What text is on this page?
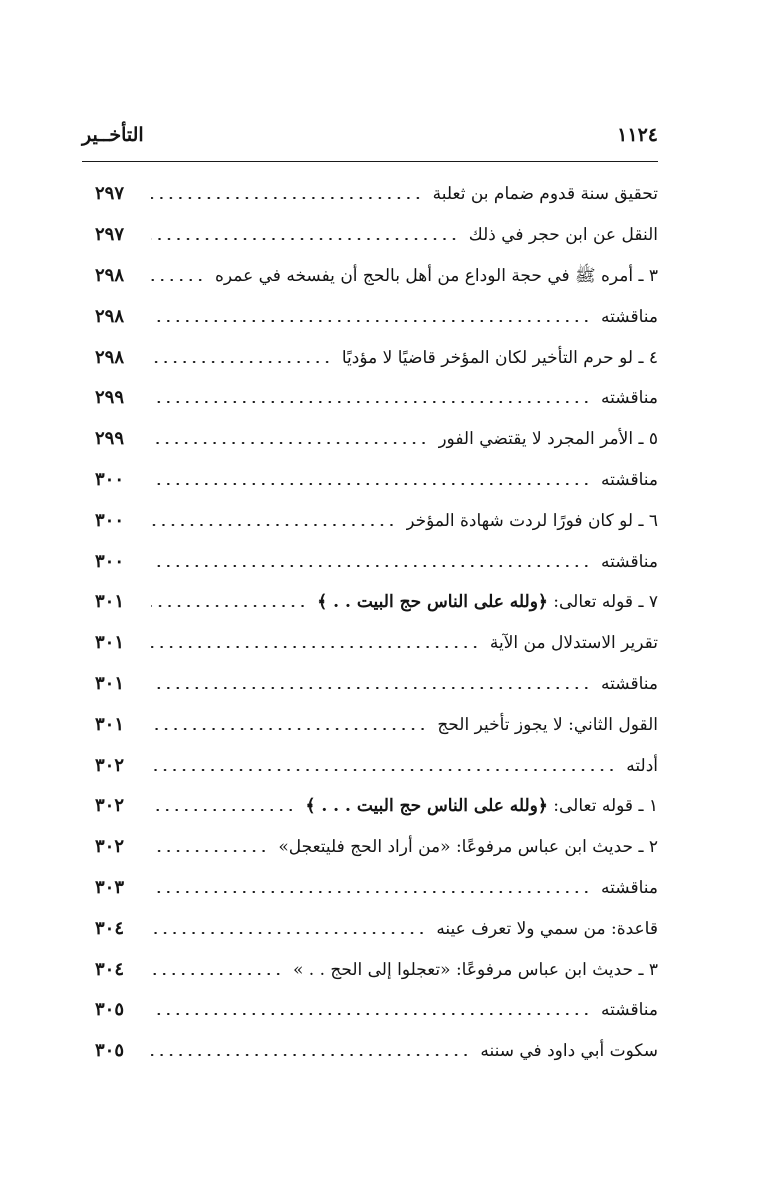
١١٢٤
التأخــير
تحقيق سنة قدوم ضمام بن ثعلبة
٢٩٧
النقل عن ابن حجر في ذلك
٢٩٧
٣ ـ أمره ﷺ في حجة الوداع من أهل بالحج أن يفسخه في عمره
٢٩٨
مناقشته
٢٩٨
٤ ـ لو حرم التأخير لكان المؤخر قاضيًا لا مؤديًا
٢٩٨
مناقشته
٢٩٩
٥ ـ الأمر المجرد لا يقتضي الفور
٢٩٩
مناقشته
٣٠٠
٦ ـ لو كان فورًا لردت شهادة المؤخر
٣٠٠
مناقشته
٣٠٠
٧ ـ قوله تعالى: ﴿ولله على الناس حج البيت . . ﴾
٣٠١
تقرير الاستدلال من الآية
٣٠١
مناقشته
٣٠١
القول الثاني: لا يجوز تأخير الحج
٣٠١
أدلته
٣٠٢
١ ـ قوله تعالى: ﴿ولله على الناس حج البيت . . . ﴾
٣٠٢
٢ ـ حديث ابن عباس مرفوعًا: «من أراد الحج فليتعجل»
٣٠٢
مناقشته
٣٠٣
قاعدة: من سمي ولا تعرف عينه
٣٠٤
٣ ـ حديث ابن عباس مرفوعًا: «تعجلوا إلى الحج . . »
٣٠٤
مناقشته
٣٠٥
سكوت أبي داود في سننه
٣٠٥
